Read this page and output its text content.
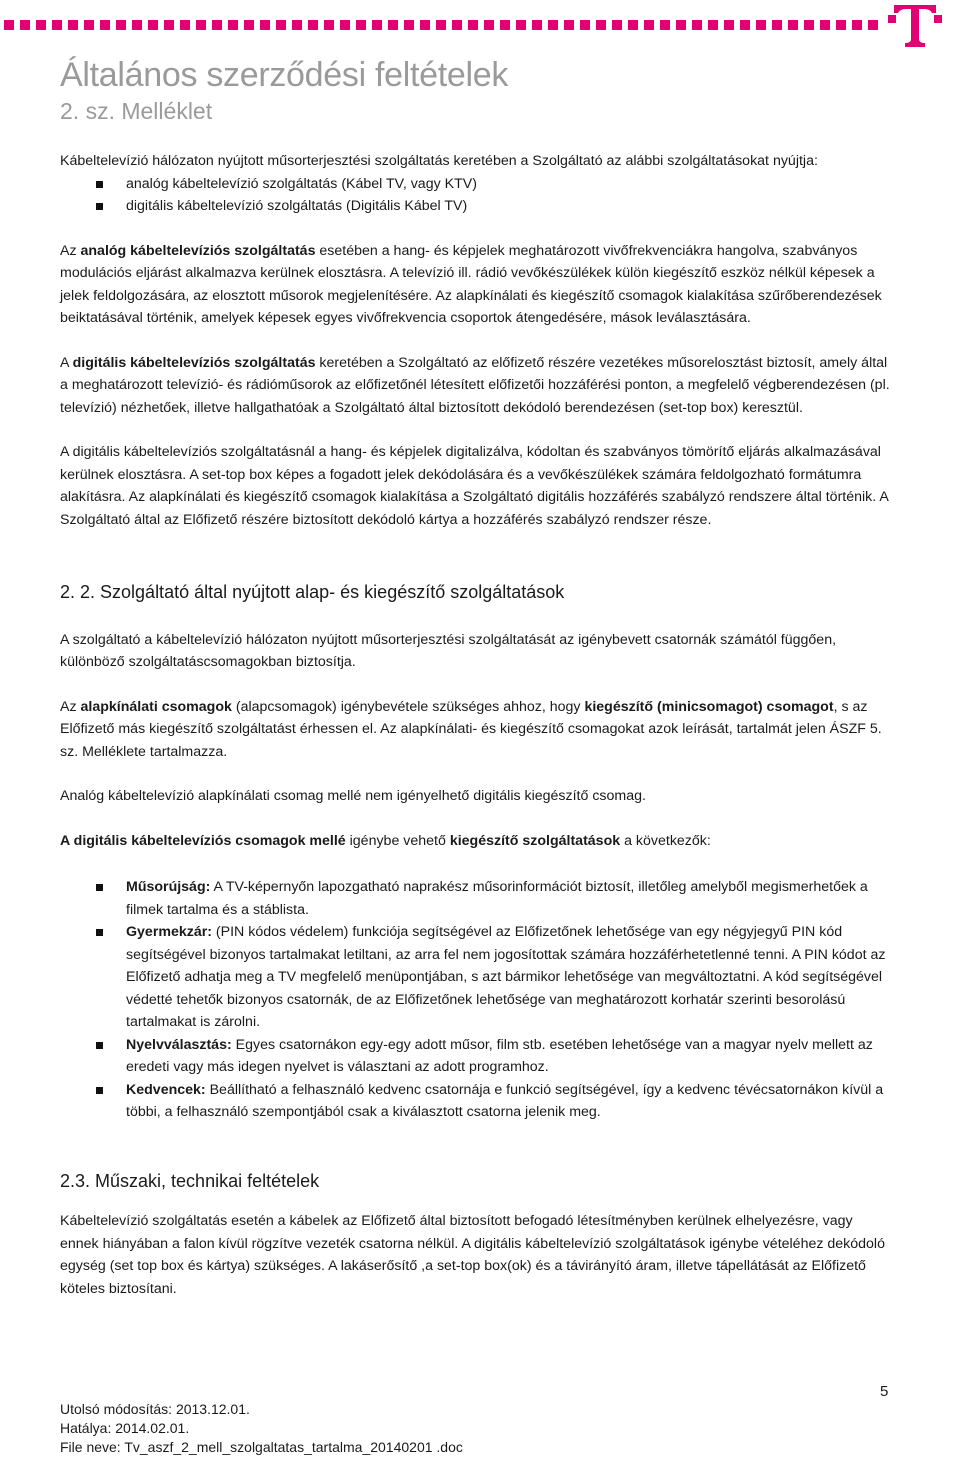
Általános szerződési feltételek
2. sz. Melléklet

Kábeltelevízió hálózaton nyújtott műsorterjesztési szolgáltatás keretében a Szolgáltató az alábbi szolgáltatásokat nyújtja:

analóg kábeltelevízió szolgáltatás (Kábel TV, vagy KTV)
digitális kábeltelevízió szolgáltatás (Digitális Kábel TV)

Az analóg kábeltelevíziós szolgáltatás esetében a hang- és képjelek meghatározott vivőfrekvenciákra hangolva, szabványos modulációs eljárást alkalmazva kerülnek elosztásra. A televízió ill. rádió vevőkészülékek külön kiegészítő eszköz nélkül képesek a jelek feldolgozására, az elosztott műsorok megjelenítésére. Az alapkínálati és kiegészítő csomagok kialakítása szűrőberendezések beiktatásával történik, amelyek képesek egyes vivőfrekvencia csoportok átengedésére, mások leválasztására.

A digitális kábeltelevíziós szolgáltatás keretében a Szolgáltató az előfizető részére vezetékes műsorelosztást biztosít, amely által a meghatározott televízió- és rádióműsorok az előfizetőnél létesített előfizetői hozzáférési ponton, a megfelelő végberendezésen (pl. televízió) nézhetőek, illetve hallgathatóak a Szolgáltató által biztosított dekódoló berendezésen (set-top box) keresztül.

A digitális kábeltelevíziós szolgáltatásnál a hang- és képjelek digitalizálva, kódoltan és szabványos tömörítő eljárás alkalmazásával kerülnek elosztásra. A set-top box képes a fogadott jelek dekódolására és a vevőkészülékek számára feldolgozható formátumra alakításra. Az alapkínálati és kiegészítő csomagok kialakítása a Szolgáltató digitális hozzáférés szabályzó rendszere által történik. A Szolgáltató által az Előfizető részére biztosított dekódoló kártya a hozzáférés szabályzó rendszer része.

2. 2. Szolgáltató által nyújtott alap- és kiegészítő szolgáltatások

A szolgáltató a kábeltelevízió hálózaton nyújtott műsorterjesztési szolgáltatását az igénybevett csatornák számától függően, különböző szolgáltatáscsomagokban biztosítja.

Az alapkínálati csomagok (alapcsomagok) igénybevétele szükséges ahhoz, hogy kiegészítő (minicsomagot) csomagot, s az Előfizető más kiegészítő szolgáltatást érhessen el. Az alapkínálati- és kiegészítő csomagokat azok leírását, tartalmát jelen ÁSZF 5. sz. Melléklete tartalmazza.

Analóg kábeltelevízió alapkínálati csomag mellé nem igényelhető digitális kiegészítő csomag.

A digitális kábeltelevíziós csomagok mellé igénybe vehető kiegészítő szolgáltatások a következők:

Műsorújság: A TV-képernyőn lapozgatható naprakész műsorinformációt biztosít, illetőleg amelyből megismerhetőek a filmek tartalma és a stáblista.
Gyermekzár: (PIN kódos védelem) funkciója segítségével az Előfizetőnek lehetősége van egy négyjegyű PIN kód segítségével bizonyos tartalmakat letiltani, az arra fel nem jogosítottak számára hozzáférhetetlenné tenni. A PIN kódot az Előfizető adhatja meg a TV megfelelő menüpontjában, s azt bármikor lehetősége van megváltoztatni. A kód segítségével védetté tehetők bizonyos csatornák, de az Előfizetőnek lehetősége van meghatározott korhatár szerinti besorolású tartalmakat is zárolni.
Nyelvválasztás: Egyes csatornákon egy-egy adott műsor, film stb. esetében lehetősége van a magyar nyelv mellett az eredeti vagy más idegen nyelvet is választani az adott programhoz.
Kedvencek: Beállítható a felhasználó kedvenc csatornája e funkció segítségével, így a kedvenc tévécsatornákon kívül a többi, a felhasználó szempontjából csak a kiválasztott csatorna jelenik meg.
2.3. Műszaki, technikai feltételek

Kábeltelevízió szolgáltatás esetén a kábelek az Előfizető által biztosított befogadó létesítményben kerülnek elhelyezésre, vagy ennek hiányában a falon kívül rögzítve vezeték csatorna nélkül. A digitális kábeltelevízió szolgáltatások igénybe vételéhez dekódoló egység (set top box és kártya) szükséges. A lakáserősítő ,a set-top box(ok) és a távirányító áram, illetve tápellátását az Előfizető köteles biztosítani.

5
Utolsó módosítás: 2013.12.01.
Hatálya: 2014.02.01.
File neve: Tv_aszf_2_mell_szolgaltatas_tartalma_20140201 .doc
